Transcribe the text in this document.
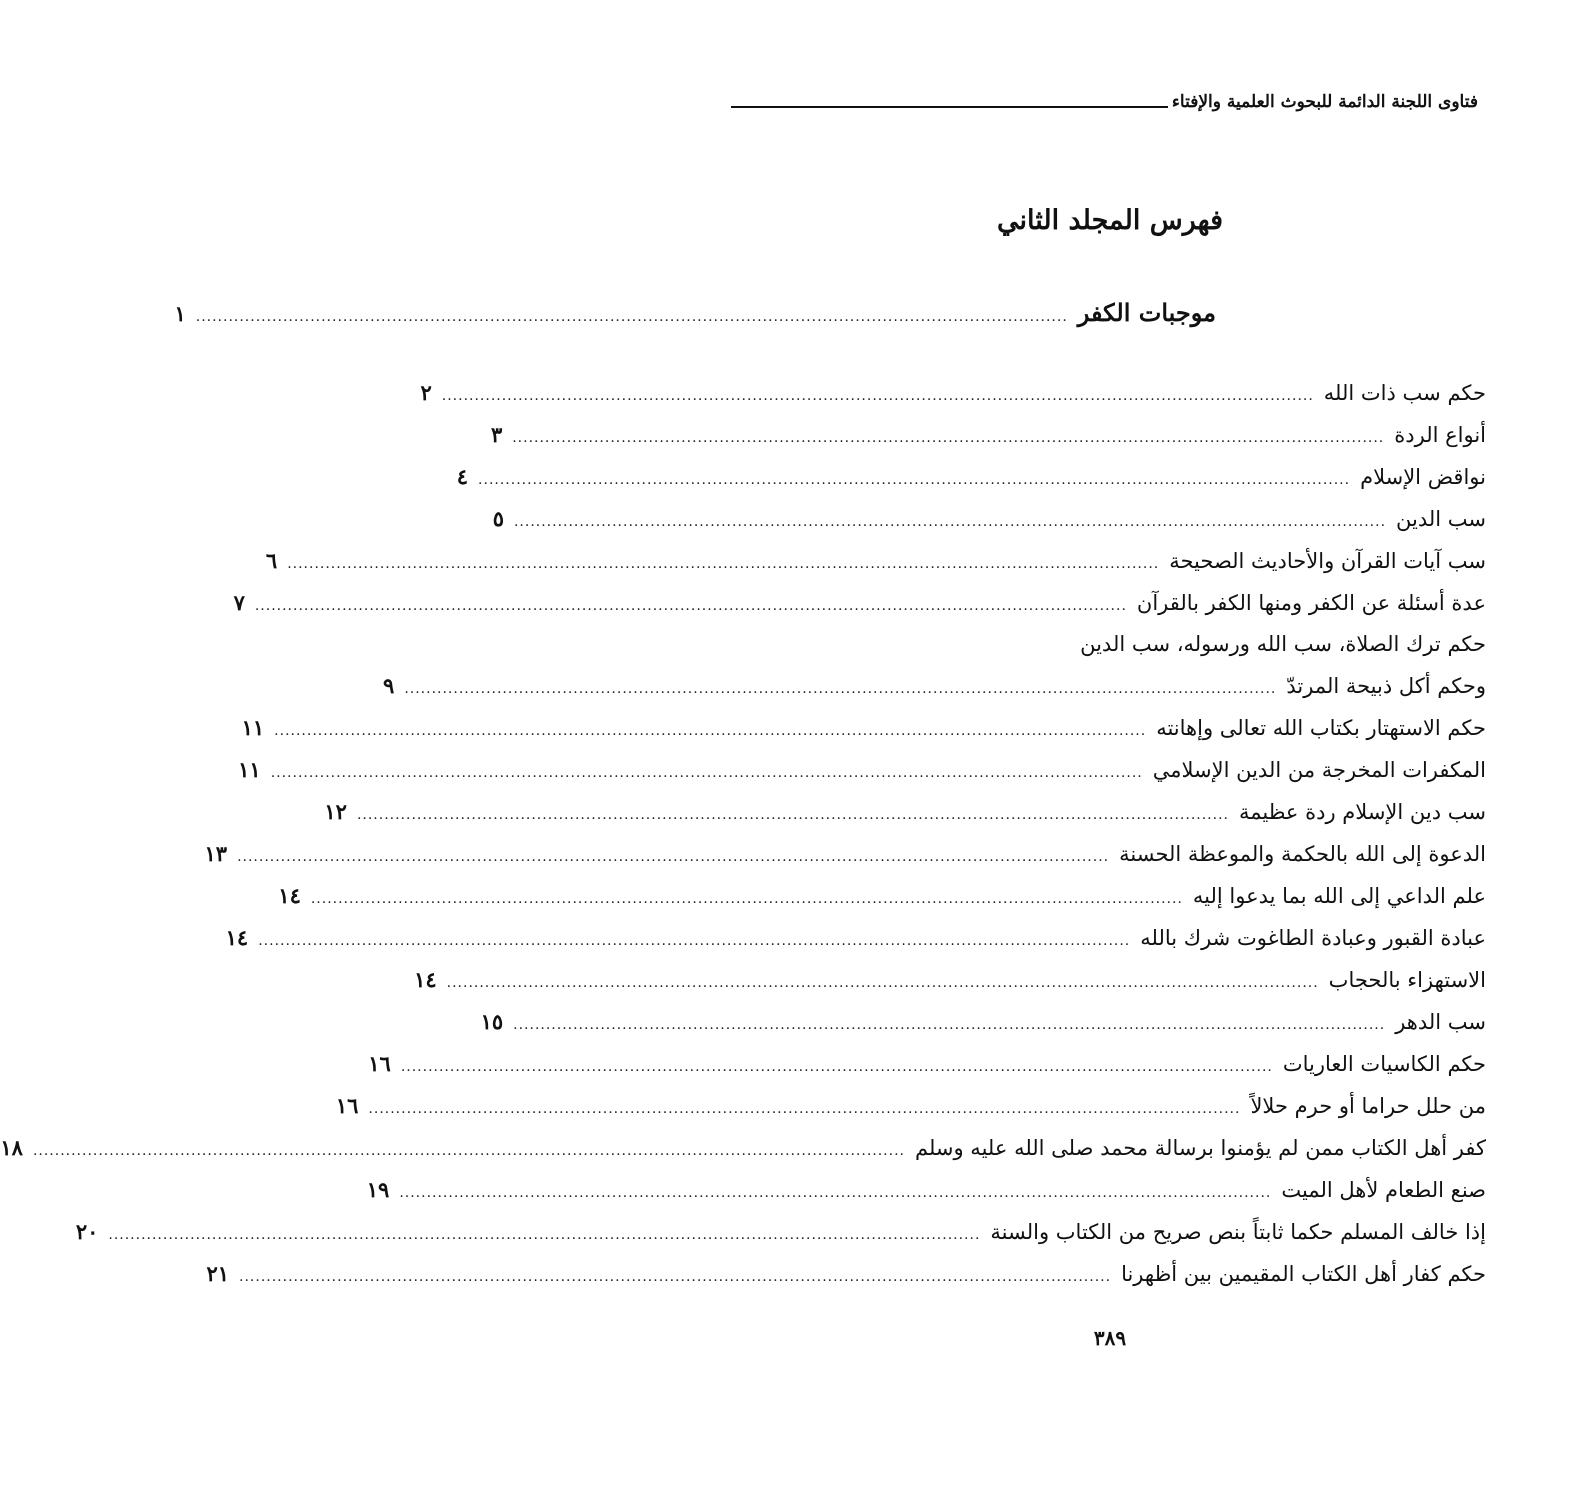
فتاوى اللجنة الدائمة للبحوث العلمية والإفتاء
فهرس المجلد الثاني
موجبات الكفر
................................................................................................................................................................
١
حكم سب ذات الله
................................................................................................................................................................
٢
أنواع الردة
................................................................................................................................................................
٣
نواقض الإسلام
................................................................................................................................................................
٤
سب الدين
................................................................................................................................................................
٥
سب آيات القرآن والأحاديث الصحيحة
................................................................................................................................................................
٦
عدة أسئلة عن الكفر ومنها الكفر بالقرآن
................................................................................................................................................................
٧
حكم ترك الصلاة، سب الله ورسوله، سب الدين
وحكم أكل ذبيحة المرتدّ
................................................................................................................................................................
٩
حكم الاستهتار بكتاب الله تعالى وإهانته
................................................................................................................................................................
١١
المكفرات المخرجة من الدين الإسلامي
................................................................................................................................................................
١١
سب دين الإسلام ردة عظيمة
................................................................................................................................................................
١٢
الدعوة إلى الله بالحكمة والموعظة الحسنة
................................................................................................................................................................
١٣
علم الداعي إلى الله بما يدعوا إليه
................................................................................................................................................................
١٤
عبادة القبور وعبادة الطاغوت شرك بالله
................................................................................................................................................................
١٤
الاستهزاء بالحجاب
................................................................................................................................................................
١٤
سب الدهر
................................................................................................................................................................
١٥
حكم الكاسيات العاريات
................................................................................................................................................................
١٦
من حلل حراما أو حرم حلالاً
................................................................................................................................................................
١٦
كفر أهل الكتاب ممن لم يؤمنوا برسالة محمد صلى الله عليه وسلم
................................................................................................................................................................
١٨
صنع الطعام لأهل الميت
................................................................................................................................................................
١٩
إذا خالف المسلم حكما ثابتاً بنص صريح من الكتاب والسنة
................................................................................................................................................................
٢٠
حكم كفار أهل الكتاب المقيمين بين أظهرنا
................................................................................................................................................................
٢١
٣٨٩
